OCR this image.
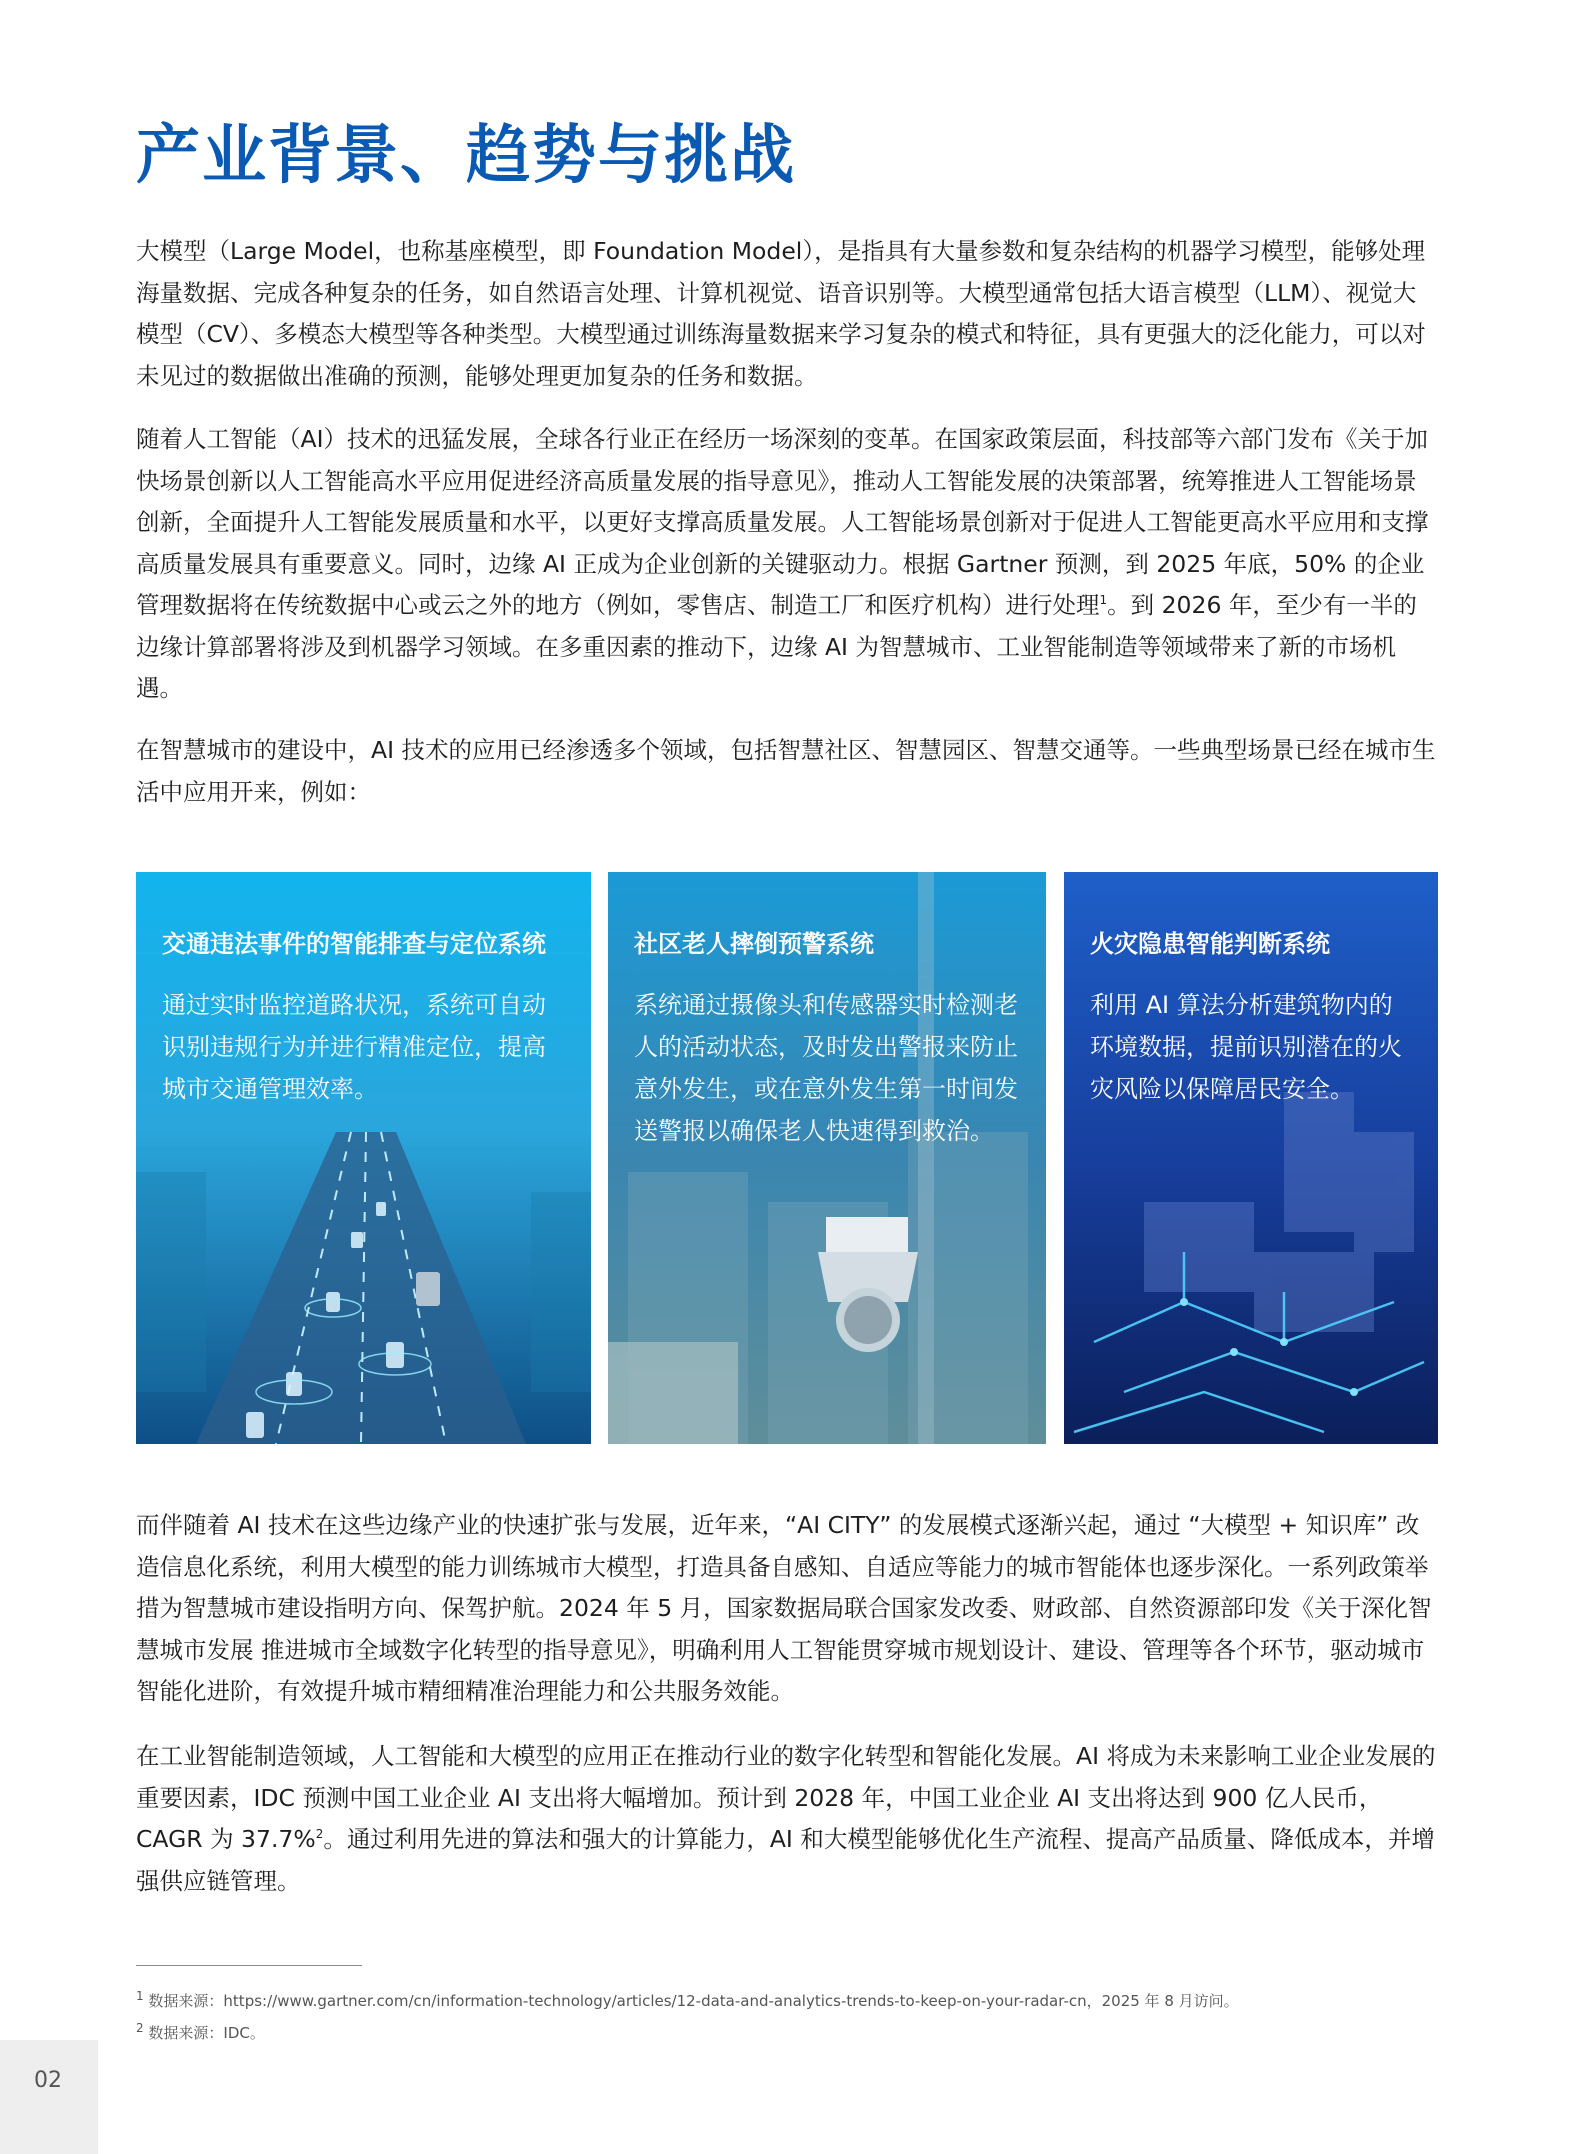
产业背景、趋势与挑战

大模型（Large Model，也称基座模型，即 Foundation Model），是指具有大量参数和复杂结构的机器学习模型，能够处理海量数据、完成各种复杂的任务，如自然语言处理、计算机视觉、语音识别等。大模型通常包括大语言模型（LLM）、视觉大模型（CV）、多模态大模型等各种类型。大模型通过训练海量数据来学习复杂的模式和特征，具有更强大的泛化能力，可以对未见过的数据做出准确的预测，能够处理更加复杂的任务和数据。

随着人工智能（AI）技术的迅猛发展，全球各行业正在经历一场深刻的变革。在国家政策层面，科技部等六部门发布《关于加快场景创新以人工智能高水平应用促进经济高质量发展的指导意见》，推动人工智能发展的决策部署，统筹推进人工智能场景创新，全面提升人工智能发展质量和水平，以更好支撑高质量发展。人工智能场景创新对于促进人工智能更高水平应用和支撑高质量发展具有重要意义。同时，边缘 AI 正成为企业创新的关键驱动力。根据 Gartner 预测，到 2025 年底，50% 的企业管理数据将在传统数据中心或云之外的地方（例如，零售店、制造工厂和医疗机构）进行处理$^1$。到 2026 年，至少有一半的边缘计算部署将涉及到机器学习领域。在多重因素的推动下，边缘 AI 为智慧城市、工业智能制造等领域带来了新的市场机遇。

在智慧城市的建设中，AI 技术的应用已经渗透多个领域，包括智慧社区、智慧园区、智慧交通等。一些典型场景已经在城市生活中应用开来，例如：

交通违法事件的智能排查与定位系统

通过实时监控道路状况，系统可自动识别违规行为并进行精准定位，提高城市交通管理效率。

社区老人摔倒预警系统

系统通过摄像头和传感器实时检测老人的活动状态，及时发出警报来防止意外发生，或在意外发生第一时间发送警报以确保老人快速得到救治。

火灾隐患智能判断系统

利用 AI 算法分析建筑物内的环境数据，提前识别潜在的火灾风险以保障居民安全。

而伴随着 AI 技术在这些边缘产业的快速扩张与发展，近年来，“AI CITY” 的发展模式逐渐兴起，通过 “大模型 + 知识库” 改造信息化系统，利用大模型的能力训练城市大模型，打造具备自感知、自适应等能力的城市智能体也逐步深化。一系列政策举措为智慧城市建设指明方向、保驾护航。2024 年 5 月，国家数据局联合国家发改委、财政部、自然资源部印发《关于深化智慧城市发展 推进城市全域数字化转型的指导意见》，明确利用人工智能贯穿城市规划设计、建设、管理等各个环节，驱动城市智能化进阶，有效提升城市精细精准治理能力和公共服务效能。

在工业智能制造领域，人工智能和大模型的应用正在推动行业的数字化转型和智能化发展。AI 将成为未来影响工业企业发展的重要因素，IDC 预测中国工业企业 AI 支出将大幅增加。预计到 2028 年，中国工业企业 AI 支出将达到 900 亿人民币，CAGR 为 37.7%$^2$。通过利用先进的算法和强大的计算能力，AI 和大模型能够优化生产流程、提高产品质量、降低成本，并增强供应链管理。

$^1$ 数据来源：https://www.gartner.com/cn/information-technology/articles/12-data-and-analytics-trends-to-keep-on-your-radar-cn，2025 年 8 月访问。

$^2$ 数据来源：IDC。

02
